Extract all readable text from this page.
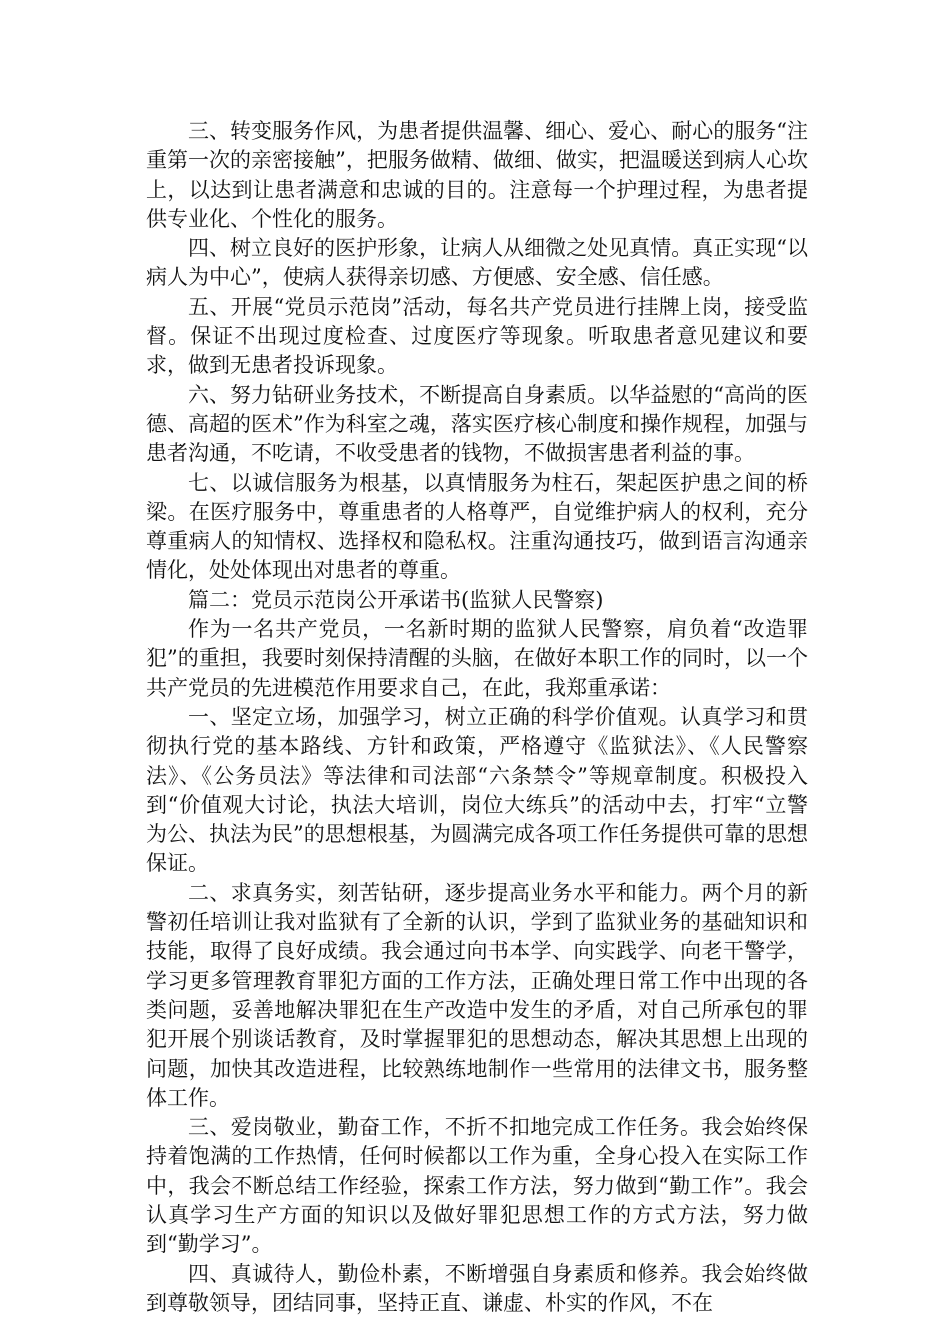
三、转变服务作风，为患者提供温馨、细心、爱心、耐心的服务“注重第一次的亲密接触”，把服务做精、做细、做实，把温暖送到病人心坎上，以达到让患者满意和忠诚的目的。注意每一个护理过程，为患者提供专业化、个性化的服务。

四、树立良好的医护形象，让病人从细微之处见真情。真正实现“以病人为中心”，使病人获得亲切感、方便感、安全感、信任感。

五、开展“党员示范岗”活动，每名共产党员进行挂牌上岗，接受监督。保证不出现过度检查、过度医疗等现象。听取患者意见建议和要求，做到无患者投诉现象。

六、努力钻研业务技术，不断提高自身素质。以华益慰的“高尚的医德、高超的医术”作为科室之魂，落实医疗核心制度和操作规程，加强与患者沟通，不吃请，不收受患者的钱物，不做损害患者利益的事。

七、以诚信服务为根基，以真情服务为柱石，架起医护患之间的桥梁。在医疗服务中，尊重患者的人格尊严，自觉维护病人的权利，充分尊重病人的知情权、选择权和隐私权。注重沟通技巧，做到语言沟通亲情化，处处体现出对患者的尊重。

篇二：党员示范岗公开承诺书(监狱人民警察)

作为一名共产党员，一名新时期的监狱人民警察，肩负着“改造罪犯”的重担，我要时刻保持清醒的头脑，在做好本职工作的同时，以一个共产党员的先进模范作用要求自己，在此，我郑重承诺：

一、坚定立场，加强学习，树立正确的科学价值观。认真学习和贯彻执行党的基本路线、方针和政策，严格遵守《监狱法》、《人民警察法》、《公务员法》等法律和司法部“六条禁令”等规章制度。积极投入到“价值观大讨论，执法大培训，岗位大练兵”的活动中去，打牢“立警为公、执法为民”的思想根基，为圆满完成各项工作任务提供可靠的思想保证。

二、求真务实，刻苦钻研，逐步提高业务水平和能力。两个月的新警初任培训让我对监狱有了全新的认识，学到了监狱业务的基础知识和技能，取得了良好成绩。我会通过向书本学、向实践学、向老干警学，学习更多管理教育罪犯方面的工作方法，正确处理日常工作中出现的各类问题，妥善地解决罪犯在生产改造中发生的矛盾，对自己所承包的罪犯开展个别谈话教育，及时掌握罪犯的思想动态，解决其思想上出现的问题，加快其改造进程，比较熟练地制作一些常用的法律文书，服务整体工作。

三、爱岗敬业，勤奋工作，不折不扣地完成工作任务。我会始终保持着饱满的工作热情，任何时候都以工作为重，全身心投入在实际工作中，我会不断总结工作经验，探索工作方法，努力做到“勤工作”。我会认真学习生产方面的知识以及做好罪犯思想工作的方式方法，努力做到“勤学习”。

四、真诚待人，勤俭朴素，不断增强自身素质和修养。我会始终做到尊敬领导，团结同事，坚持正直、谦虚、朴实的作风，不在
